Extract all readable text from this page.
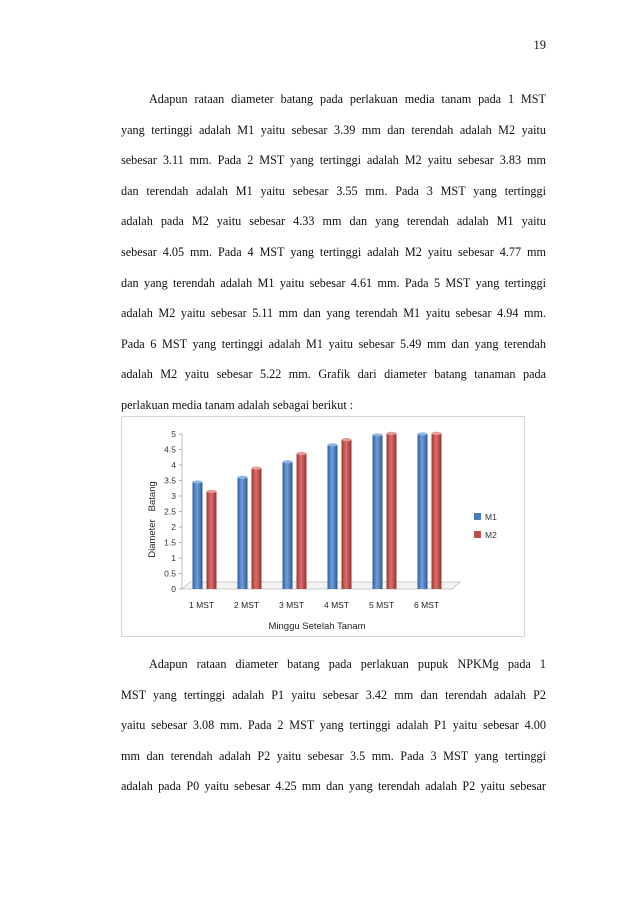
19

Adapun rataan diameter batang pada perlakuan media tanam pada 1 MST
yang tertinggi adalah M1 yaitu sebesar 3.39 mm dan terendah adalah M2 yaitu
sebesar 3.11 mm. Pada 2 MST yang tertinggi adalah M2 yaitu sebesar 3.83 mm
dan terendah adalah M1 yaitu sebesar 3.55 mm. Pada 3 MST yang tertinggi
adalah pada M2 yaitu sebesar 4.33 mm dan yang terendah adalah M1 yaitu
sebesar 4.05 mm. Pada 4 MST yang tertinggi adalah M2 yaitu sebesar 4.77 mm
dan yang terendah adalah M1 yaitu sebesar 4.61 mm. Pada 5 MST yang tertinggi
adalah M2 yaitu sebesar 5.11 mm dan yang terendah M1 yaitu sebesar 4.94 mm.
Pada 6 MST yang tertinggi adalah M1 yaitu sebesar 5.49 mm dan yang terendah
adalah M2 yaitu sebesar 5.22 mm. Grafik dari diameter batang tanaman pada
perlakuan media tanam adalah sebagai berikut :

0
0.5
1
1.5
2
2.5
3
3.5
4
4.5
5
Diameter   Batang
1 MST 2 MST 3 MST 4 MST 5 MST 6 MST
Minggu Setelah Tanam
M1
M2

Adapun rataan diameter batang pada perlakuan pupuk NPKMg pada 1
MST yang tertinggi adalah P1 yaitu sebesar 3.42 mm dan terendah adalah P2
yaitu sebesar 3.08 mm. Pada 2 MST yang tertinggi adalah P1 yaitu sebesar 4.00
mm dan terendah adalah P2 yaitu sebesar 3.5 mm. Pada 3 MST yang tertinggi
adalah pada P0 yaitu sebesar 4.25 mm dan yang terendah adalah P2 yaitu sebesar
